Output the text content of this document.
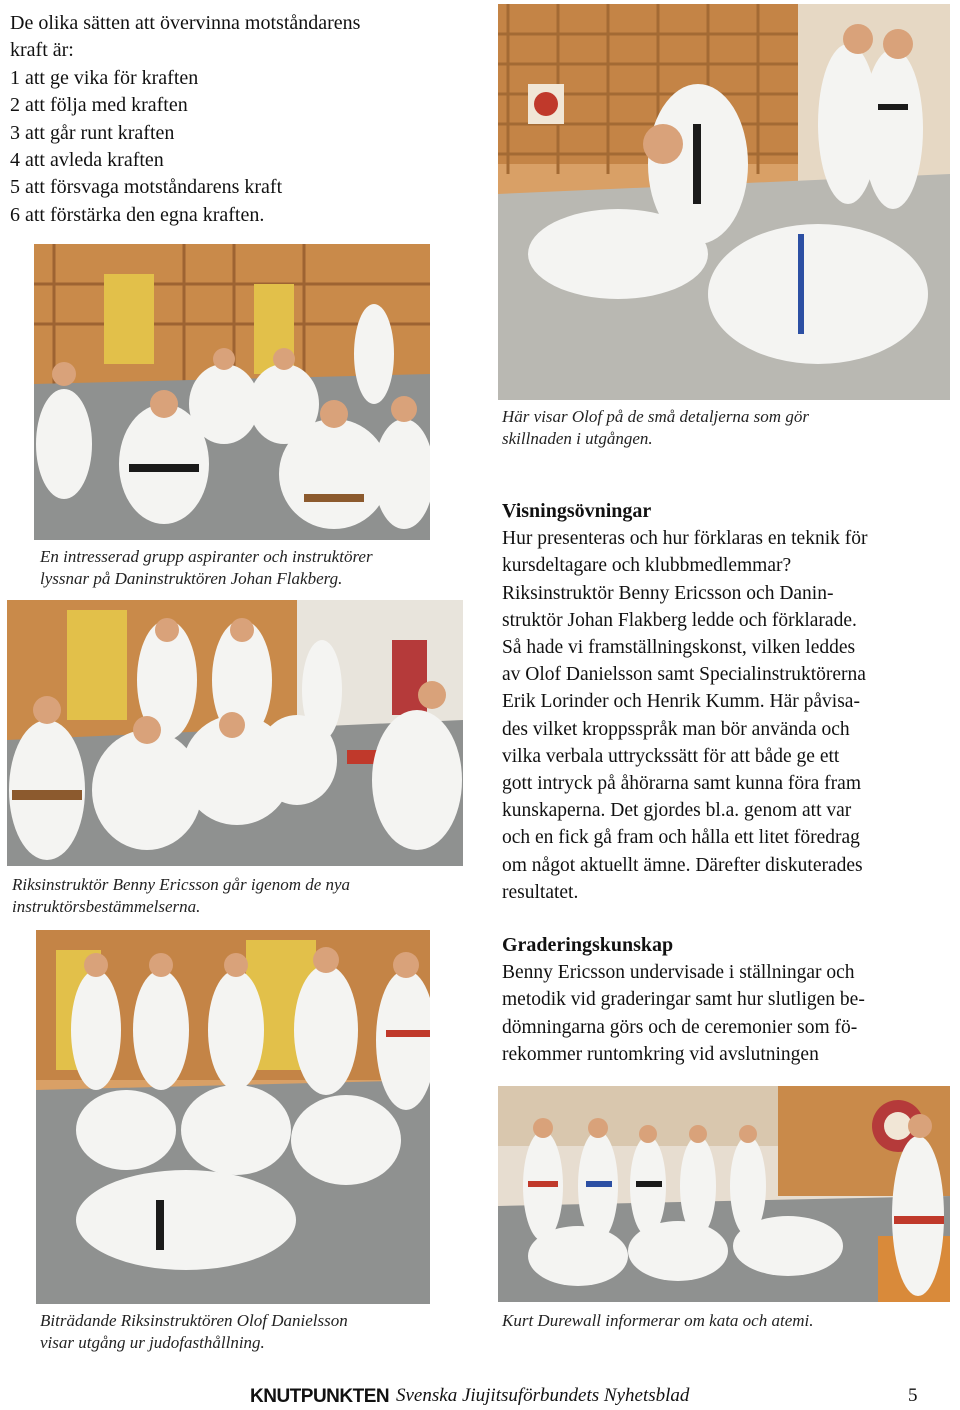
De olika sätten att övervinna motståndarens
kraft är:
1 att ge vika för kraften
2 att följa med kraften
3 att går runt kraften
4 att avleda kraften
5 att försvaga motståndarens kraft
6 att förstärka den egna kraften.
Här visar Olof på de små detaljerna som gör
skillnaden i utgången.
En intresserad grupp aspiranter och instruktörer
lyssnar på Daninstruktören Johan Flakberg.
Riksinstruktör Benny Ericsson går igenom de nya
instruktörsbestämmelserna.
Biträdande Riksinstruktören Olof Danielsson
visar utgång ur judofasthållning.
Visningsövningar

Hur presenteras och hur förklaras en teknik för

kursdeltagare och klubbmedlemmar?

Riksinstruktör Benny Ericsson och Danin-

struktör Johan Flakberg ledde och förklarade.

Så hade vi framställningskonst, vilken leddes

av Olof Danielsson samt Specialinstruktörerna

Erik Lorinder och Henrik Kumm. Här påvisa-

des vilket kroppsspråk man bör använda och

vilka verbala uttryckssätt för att både ge ett

gott intryck på åhörarna samt kunna föra fram

kunskaperna. Det gjordes bl.a. genom att var

och en fick gå fram och hålla ett litet föredrag

om något aktuellt ämne. Därefter diskuterades

resultatet.

Graderingskunskap

Benny Ericsson undervisade i ställningar och

metodik vid graderingar samt hur slutligen be-

dömningarna görs och de ceremonier som fö-

rekommer runtomkring vid avslutningen

Kurt Durewall informerar om kata och atemi.
KNUTPUNKTEN Svenska Jiujitsuförbundets Nyhetsblad	5
